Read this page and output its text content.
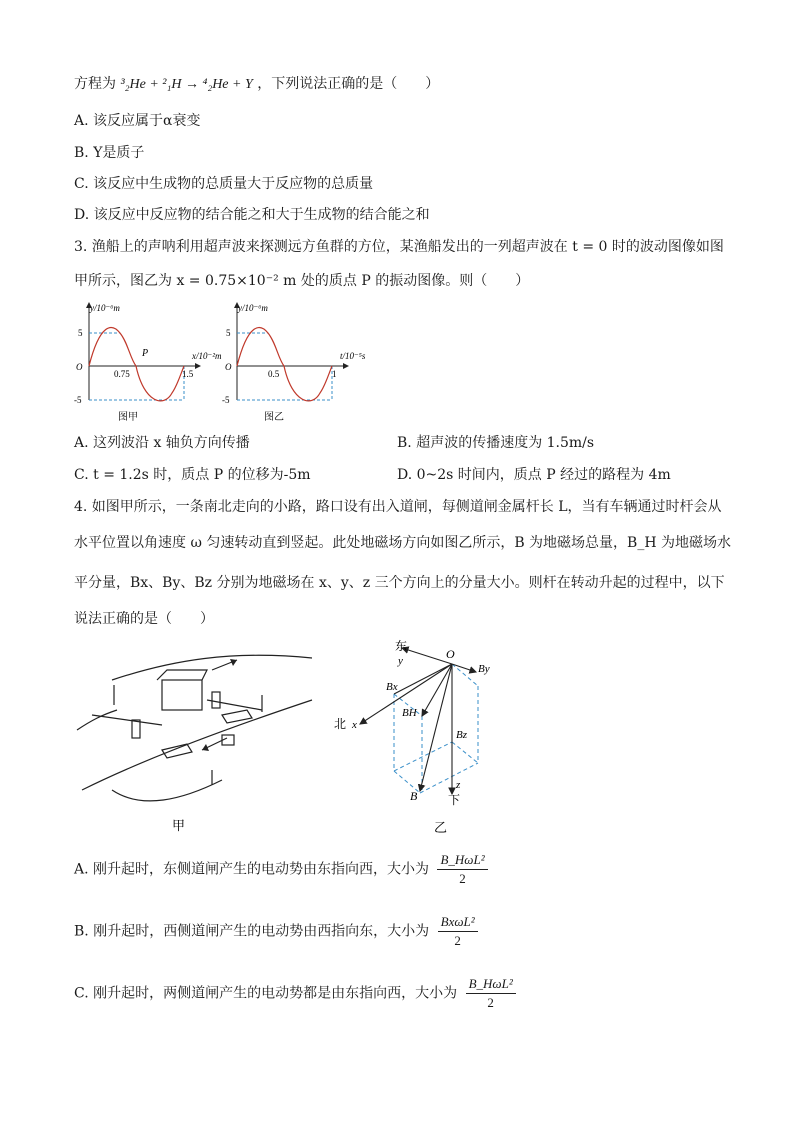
方程为 ³₂He + ²₁H → ⁴₂He + Y ，下列说法正确的是（　　）
A. 该反应属于α衰变
B. Y是质子
C. 该反应中生成物的总质量大于反应物的总质量
D. 该反应中反应物的结合能之和大于生成物的结合能之和
3. 渔船上的声呐利用超声波来探测远方鱼群的方位，某渔船发出的一列超声波在 t = 0 时的波动图像如图
甲所示，图乙为 x = 0.75×10⁻² m 处的质点 P 的振动图像。则（　　）
y/10⁻⁶m
5
O
-5
P	x/10⁻²m
0.75	1.5
图甲
y/10⁻⁶m
5
O
-5
t/10⁻⁵s
0.5	1
图乙
A. 这列波沿 x 轴负方向传播	B. 超声波的传播速度为 1.5m/s
C. t = 1.2s 时，质点 P 的位移为-5m	D. 0~2s 时间内，质点 P 经过的路程为 4m
4. 如图甲所示，一条南北走向的小路，路口设有出入道闸，每侧道闸金属杆长 L，当有车辆通过时杆会从
水平位置以角速度 ω 匀速转动直到竖起。此处地磁场方向如图乙所示，B 为地磁场总量，B_H 为地磁场水
平分量，Bx、By、Bz 分别为地磁场在 x、y、z 三个方向上的分量大小。则杆在转动升起的过程中，以下
说法正确的是（　　）
甲
东
y	O
By
Bx
BH
北 x
Bz
z
下
B
乙
A. 刚升起时，东侧道闸产生的电动势由东指向西，大小为 $\frac{\text{B\_HωL²}}{2}$
B. 刚升起时，西侧道闸产生的电动势由西指向东，大小为 $\frac{\text{BxωL²}}{2}$
C. 刚升起时，两侧道闸产生的电动势都是由东指向西，大小为 $\frac{\text{B\_HωL²}}{2}$
